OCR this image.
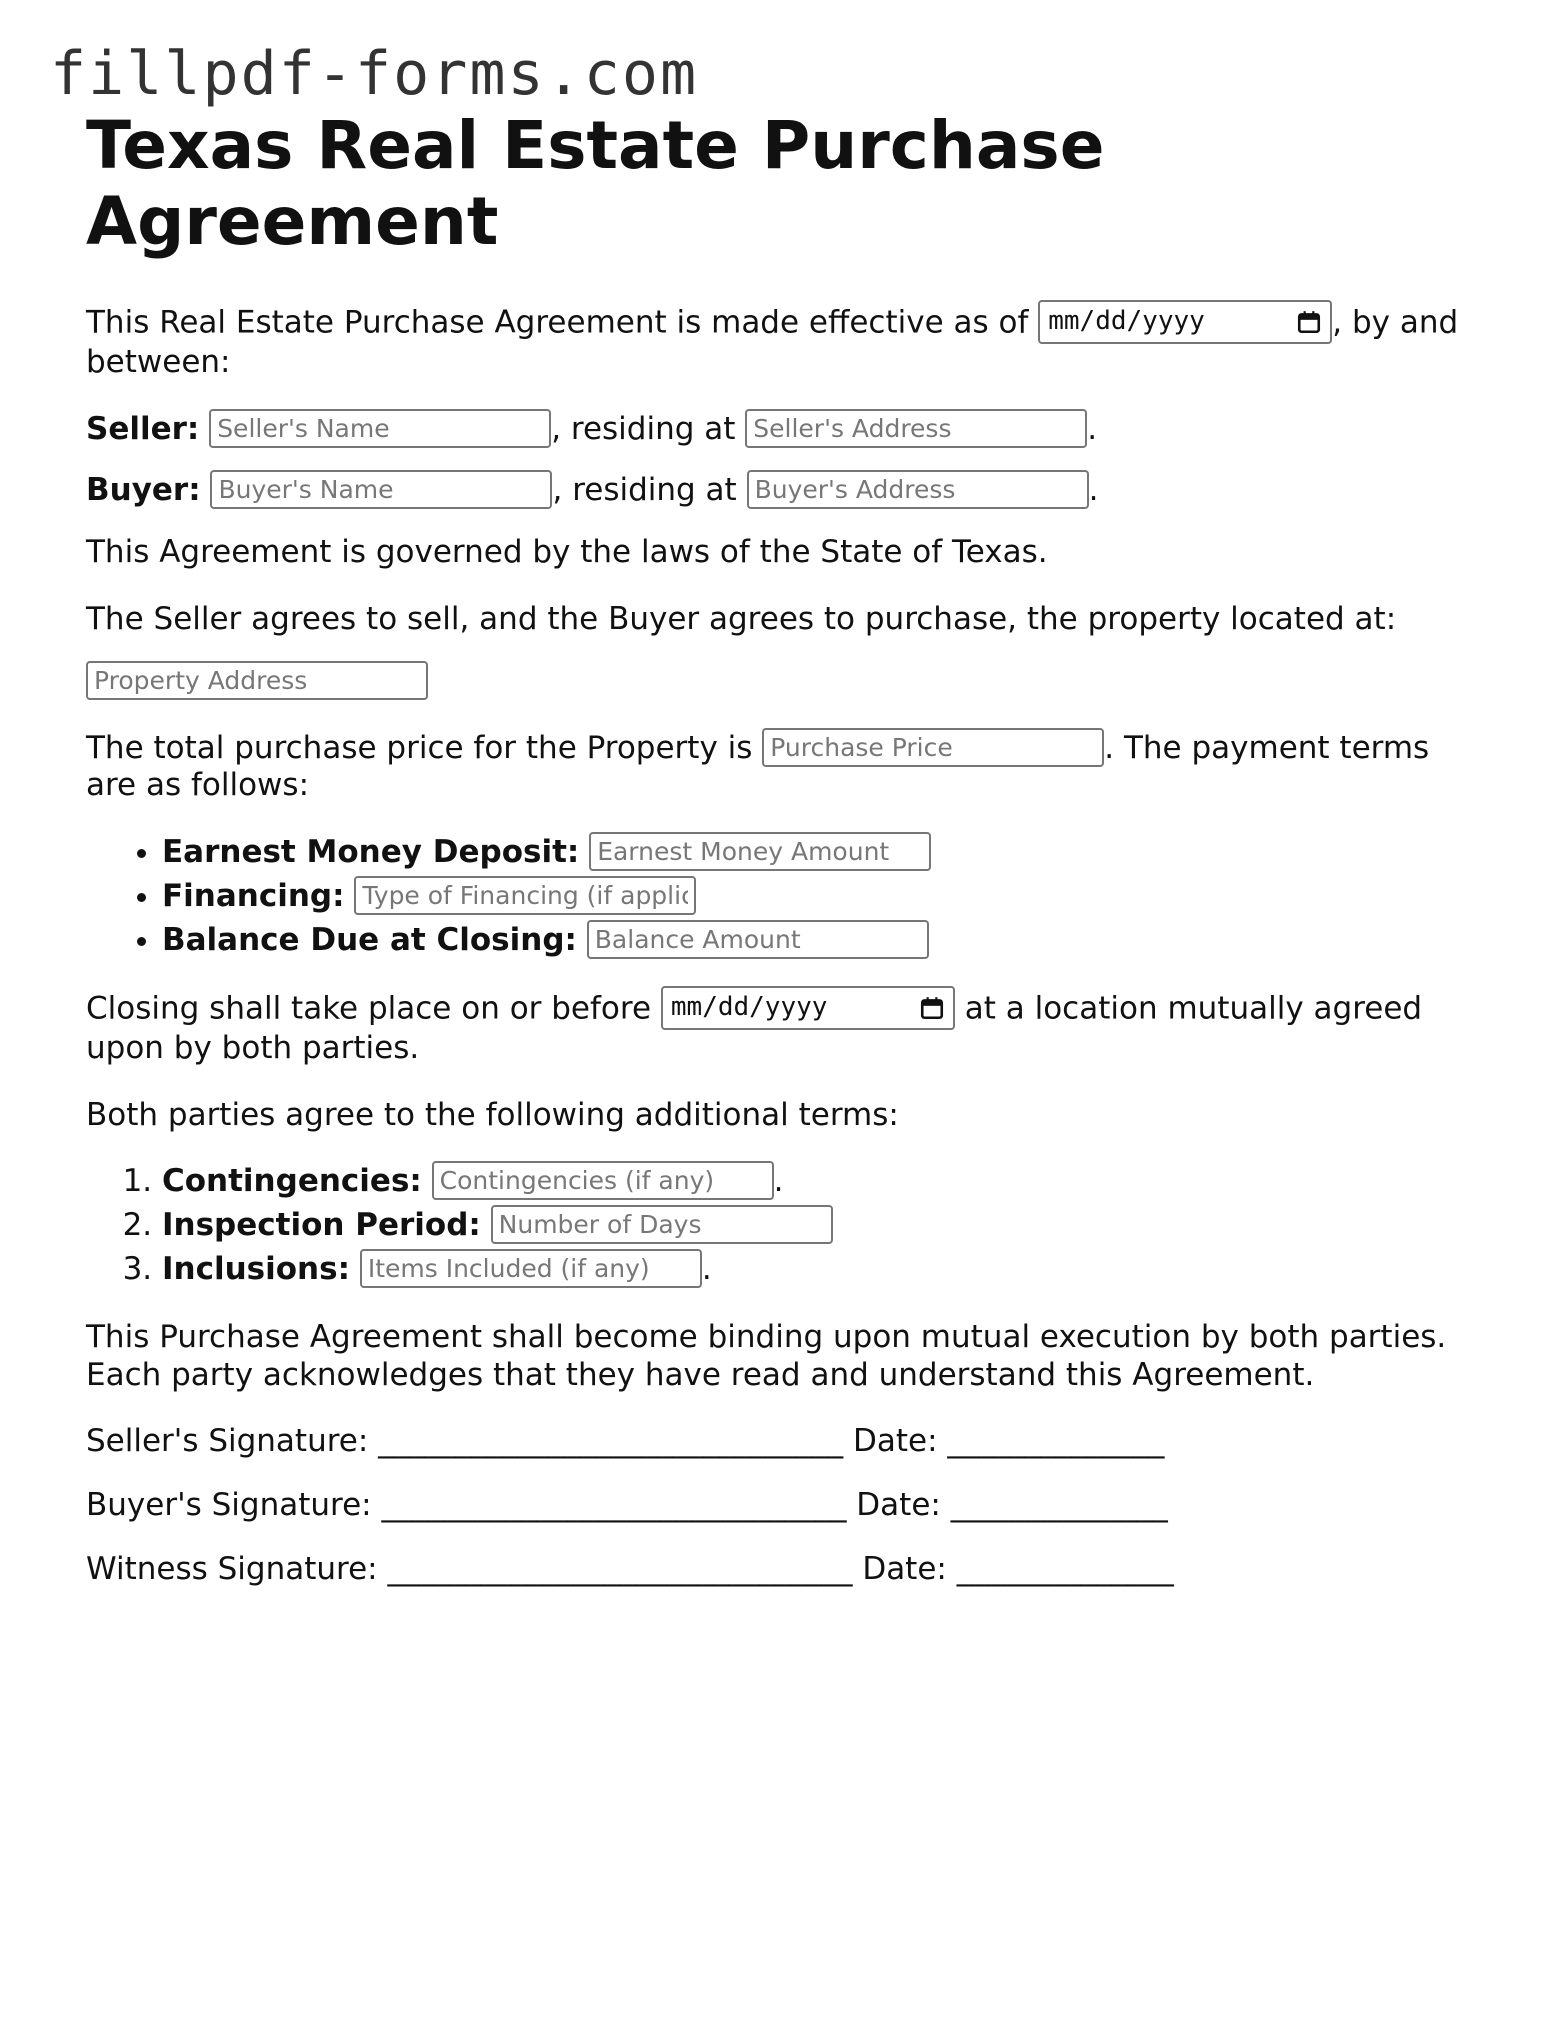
fillpdf-forms.com
Texas Real Estate Purchase Agreement

This Real Estate Purchase Agreement is made effective as of mm/dd/yyyy	, by and between:

Seller: Seller's Name	, residing at Seller's Address	.

Buyer: Buyer's Name	, residing at Buyer's Address	.

This Agreement is governed by the laws of the State of Texas.

The Seller agrees to sell, and the Buyer agrees to purchase, the property located at:

Property Address

The total purchase price for the Property is Purchase Price	. The payment terms are as follows:

• Earnest Money Deposit: Earnest Money Amount
• Financing: Type of Financing (if applicable)
• Balance Due at Closing: Balance Amount

Closing shall take place on or before mm/dd/yyyy	at a location mutually agreed upon by both parties.

Both parties agree to the following additional terms:

1. Contingencies: Contingencies (if any)	.
2. Inspection Period: Number of Days
3. Inclusions: Items Included (if any)	.

This Purchase Agreement shall become binding upon mutual execution by both parties. Each party acknowledges that they have read and understand this Agreement.

Seller's Signature: ______________________________ Date: ______________

Buyer's Signature: ______________________________ Date: ______________

Witness Signature: ______________________________ Date: ______________
